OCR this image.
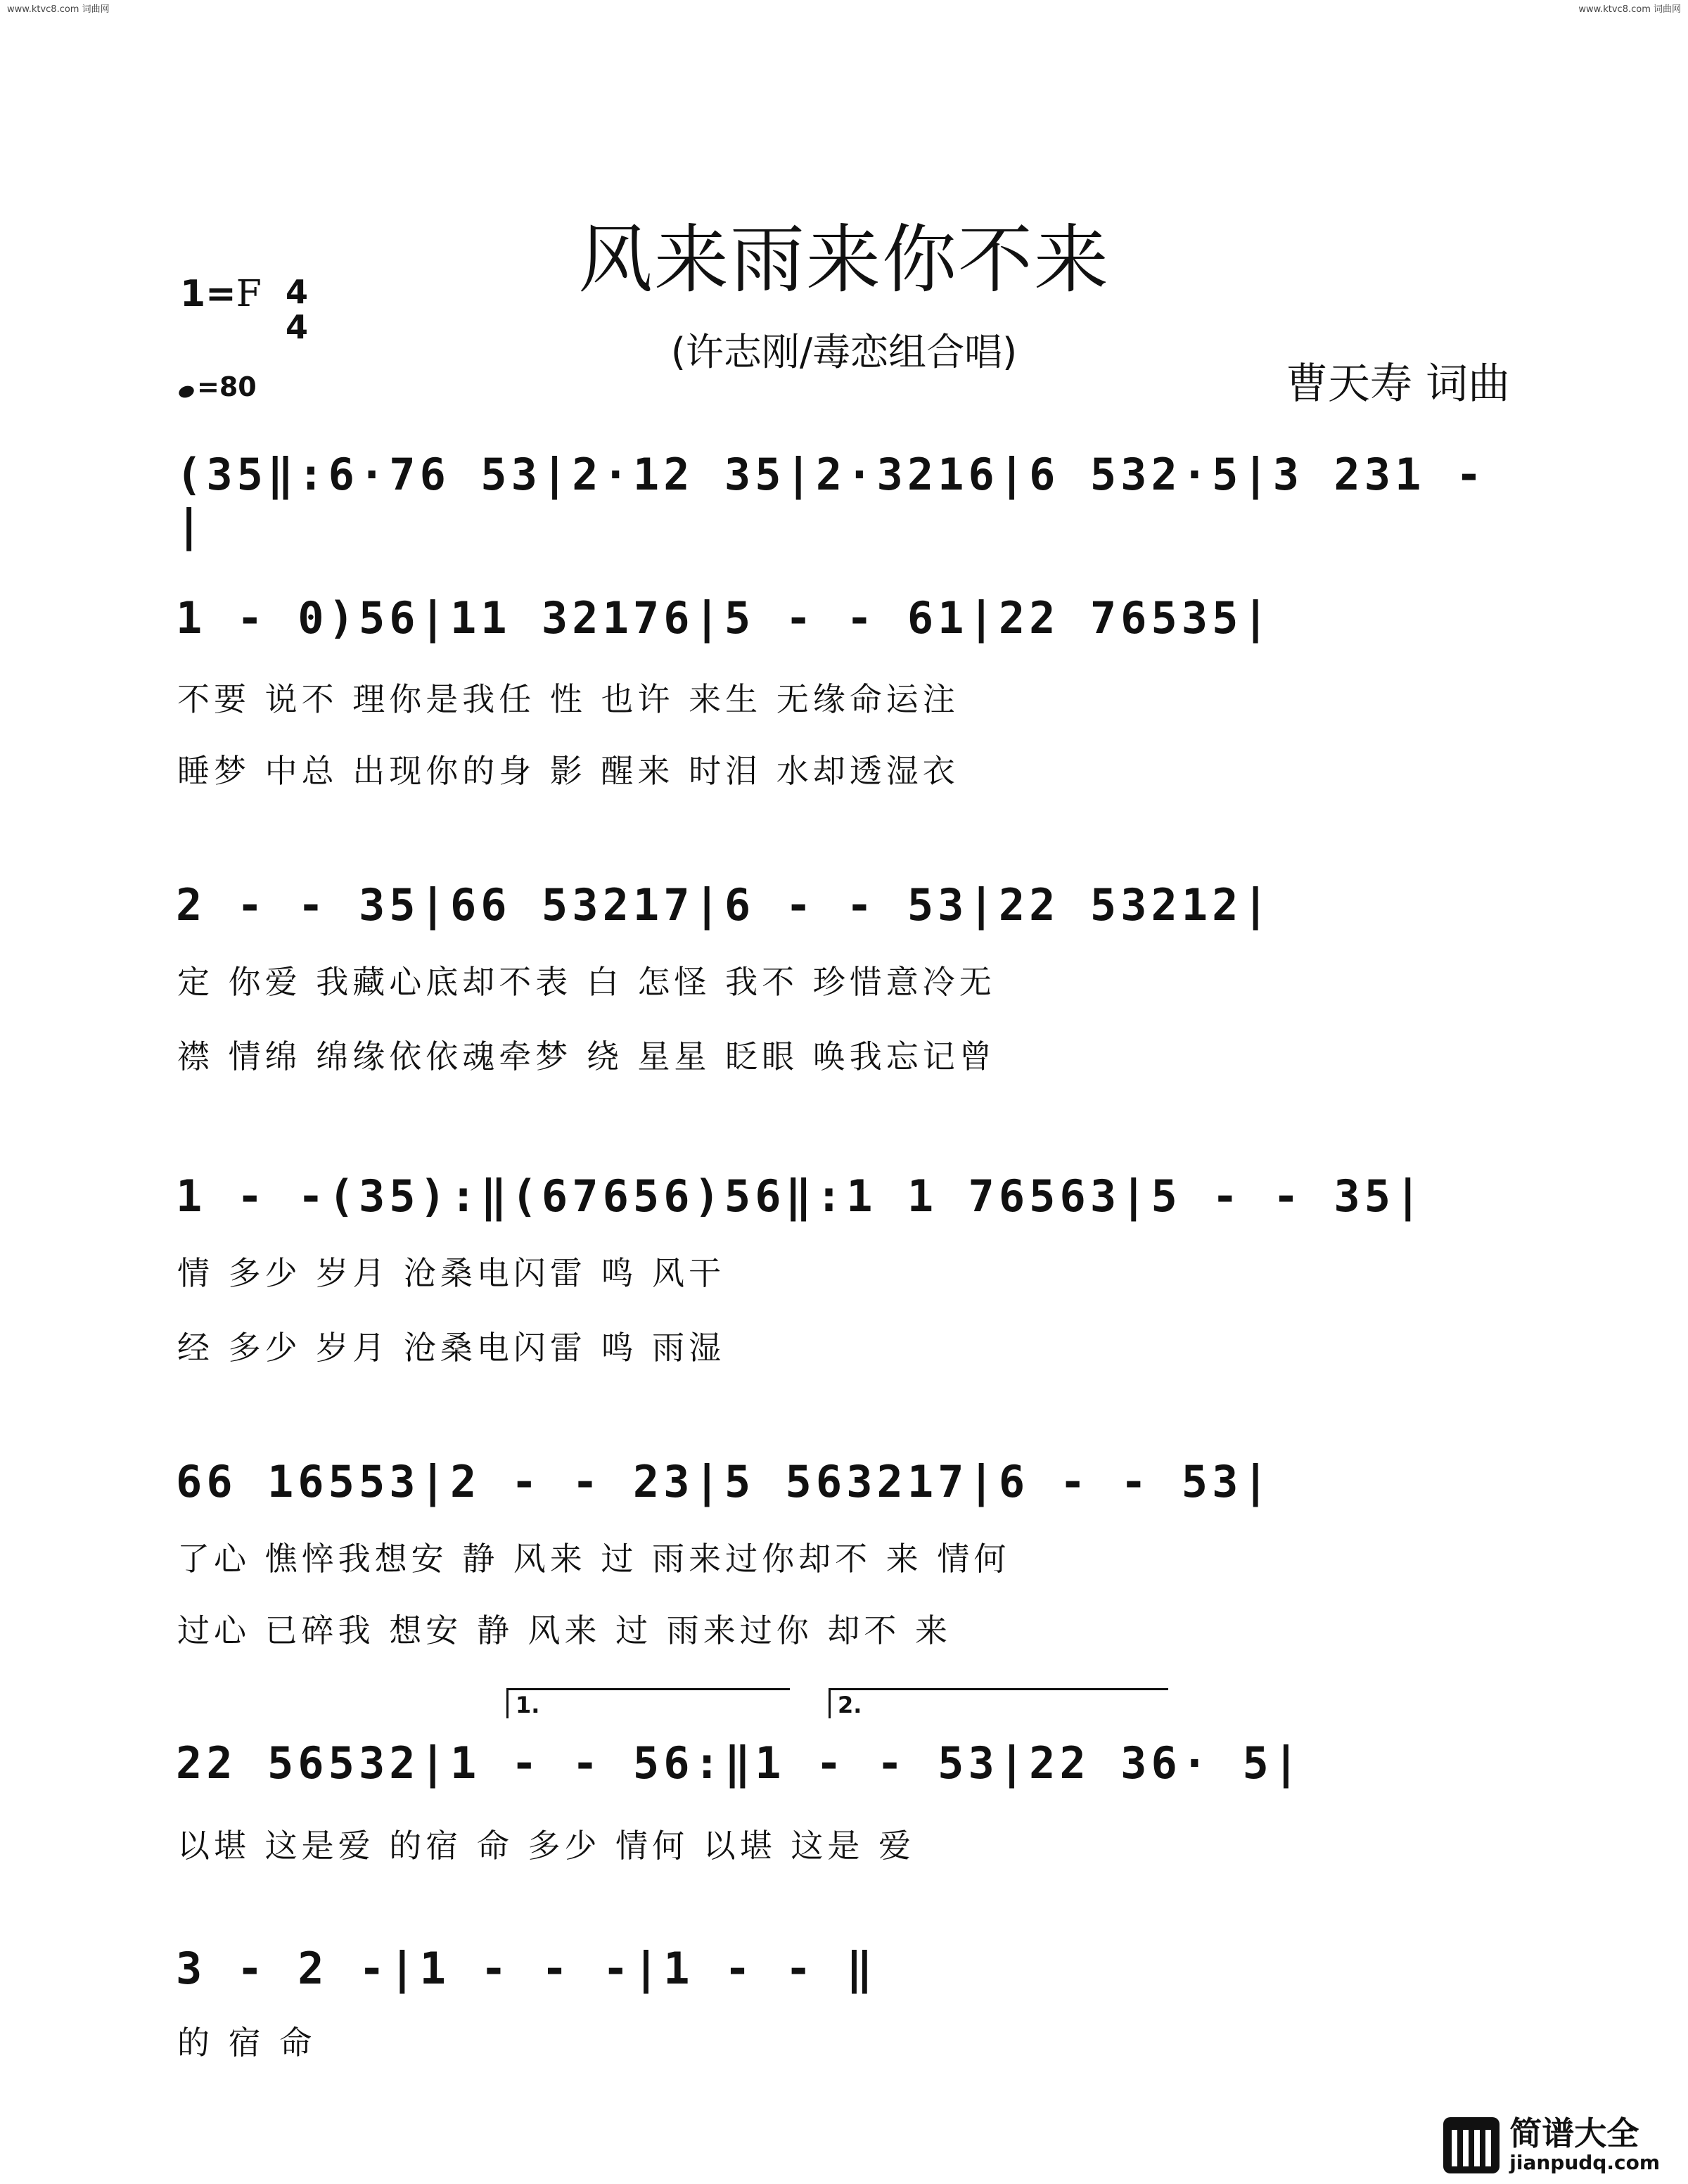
www.ktvc8.com 词曲网	www.ktvc8.com 词曲网
风来雨来你不来
(许志刚/毒恋组合唱)
曹天寿 词曲
1=F 4
4
=80
(35‖:6·76 53|2·12 35|2·3216|6 532·5|3 231 -|
1 - 0)56|11 32176|5 - - 61|22 76535|
不要 说不 理你是我任 性 也许 来生 无缘命运注
睡梦 中总 出现你的身 影 醒来 时泪 水却透湿衣
2 - - 35|66 53217|6 - - 53|22 53212|
定 你爱 我藏心底却不表 白 怎怪 我不 珍惜意冷无
襟 情绵 绵缘依依魂牵梦 绕 星星 眨眼 唤我忘记曾
1 - -(35):‖(67656)56‖:1 1 76563|5 - - 35|
情 多少 岁月 沧桑电闪雷 鸣 风干
经 多少 岁月 沧桑电闪雷 鸣 雨湿
66 16553|2 - - 23|5 563217|6 - - 53|
了心 憔悴我想安 静 风来 过 雨来过你却不 来 情何
过心 已碎我 想安 静 风来 过 雨来过你 却不 来
1.	2.
22 56532|1 - - 56:‖1 - - 53|22 36· 5|
以堪 这是爱 的宿 命 多少 情何 以堪 这是 爱
3 - 2 -|1 - - -|1 - - ‖
的 宿 命
简谱大全
jianpudq.com
